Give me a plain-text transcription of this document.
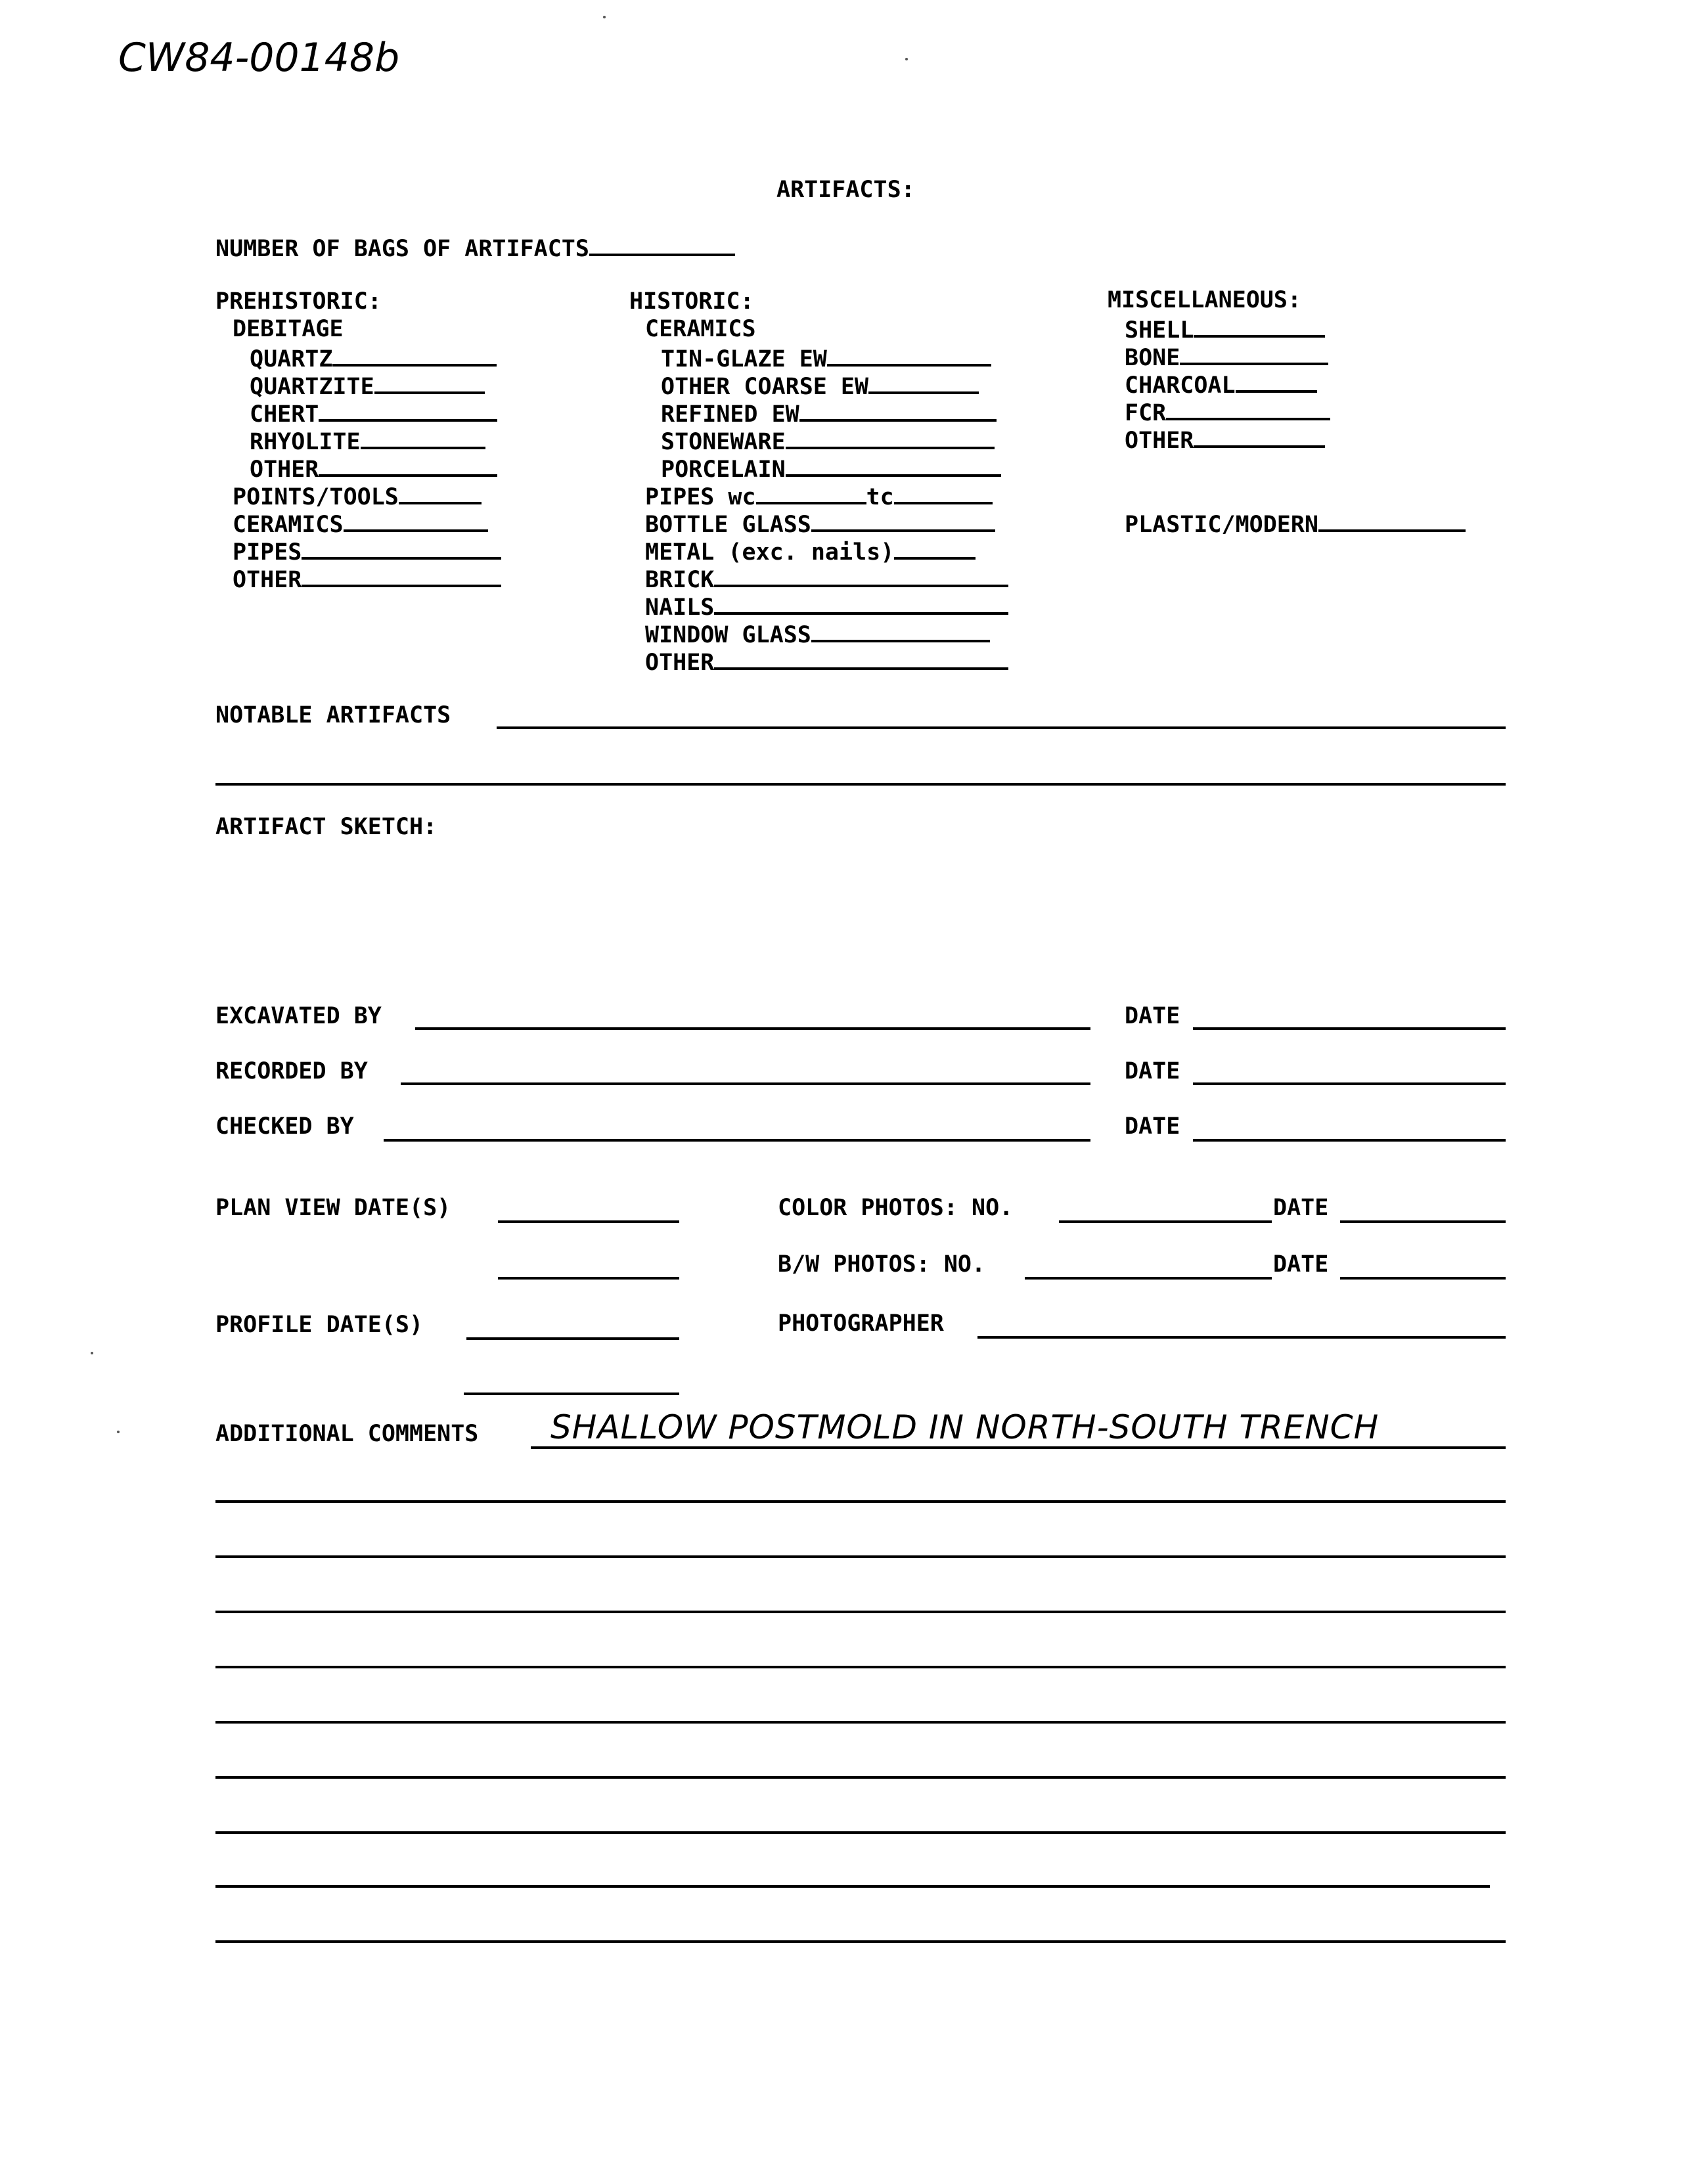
CW84-00148b
ARTIFACTS:
NUMBER OF BAGS OF ARTIFACTS
PREHISTORIC:
DEBITAGE
QUARTZ
QUARTZITE
CHERT
RHYOLITE
OTHER
POINTS/TOOLS
CERAMICS
PIPES
OTHER
HISTORIC:
CERAMICS
TIN-GLAZE EW
OTHER COARSE EW
REFINED EW
STONEWARE
PORCELAIN
PIPES wc	tc
BOTTLE GLASS
METAL (exc. nails)
BRICK
NAILS
WINDOW GLASS
OTHER
MISCELLANEOUS:
SHELL
BONE
CHARCOAL
FCR
OTHER
PLASTIC/MODERN
NOTABLE ARTIFACTS
ARTIFACT SKETCH:
EXCAVATED BY	DATE
RECORDED BY	DATE
CHECKED BY	DATE
PLAN VIEW DATE(S)	COLOR PHOTOS: NO.	DATE
B/W PHOTOS: NO.	DATE
PROFILE DATE(S)	PHOTOGRAPHER
ADDITIONAL COMMENTS SHALLOW POSTMOLD IN NORTH-SOUTH TRENCH
